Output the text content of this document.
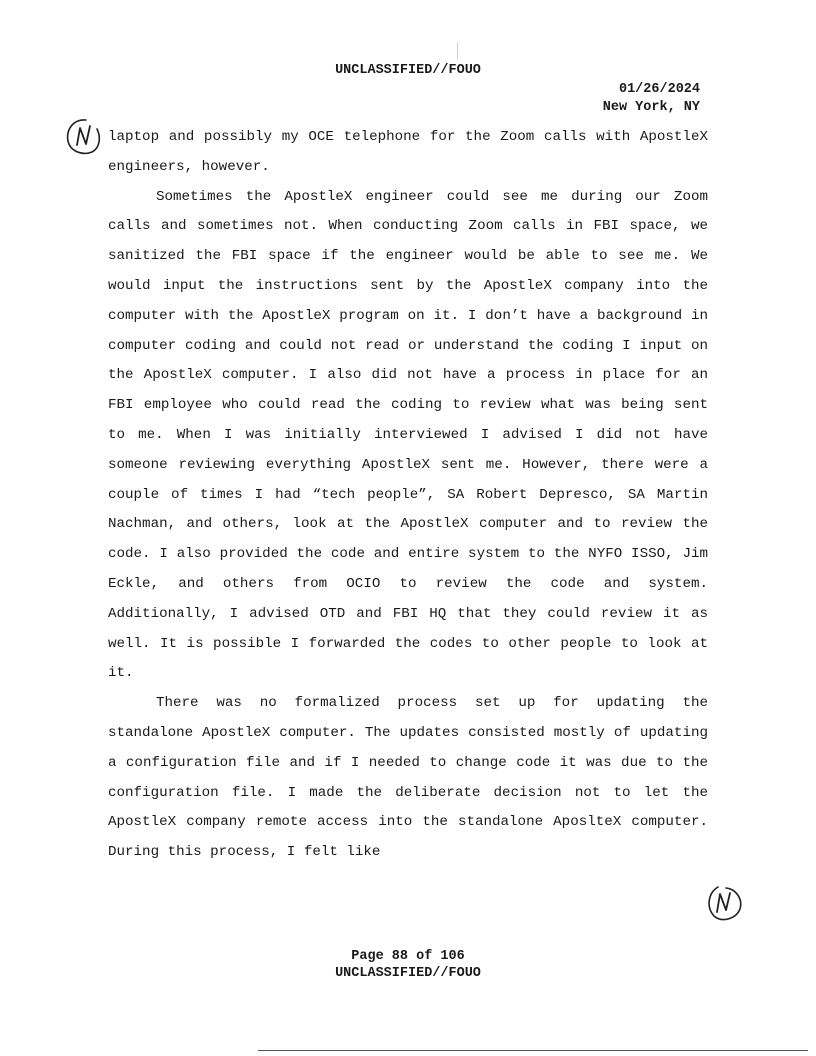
UNCLASSIFIED//FOUO
01/26/2024
New York, NY

laptop and possibly my OCE telephone for the Zoom calls with ApostleX engineers, however.

Sometimes the ApostleX engineer could see me during our Zoom calls and sometimes not. When conducting Zoom calls in FBI space, we sanitized the FBI space if the engineer would be able to see me. We would input the instructions sent by the ApostleX company into the computer with the ApostleX program on it. I don’t have a background in computer coding and could not read or understand the coding I input on the ApostleX computer. I also did not have a process in place for an FBI employee who could read the coding to review what was being sent to me. When I was initially interviewed I advised I did not have someone reviewing everything ApostleX sent me. However, there were a couple of times I had “tech people”, SA Robert Depresco, SA Martin Nachman, and others, look at the ApostleX computer and to review the code. I also provided the code and entire system to the NYFO ISSO, Jim Eckle, and others from OCIO to review the code and system. Additionally, I advised OTD and FBI HQ that they could review it as well. It is possible I forwarded the codes to other people to look at it.

There was no formalized process set up for updating the standalone ApostleX computer. The updates consisted mostly of updating a configuration file and if I needed to change code it was due to the configuration file. I made the deliberate decision not to let the ApostleX company remote access into the standalone AposlteX computer. During this process, I felt like

Page 88 of 106
UNCLASSIFIED//FOUO
